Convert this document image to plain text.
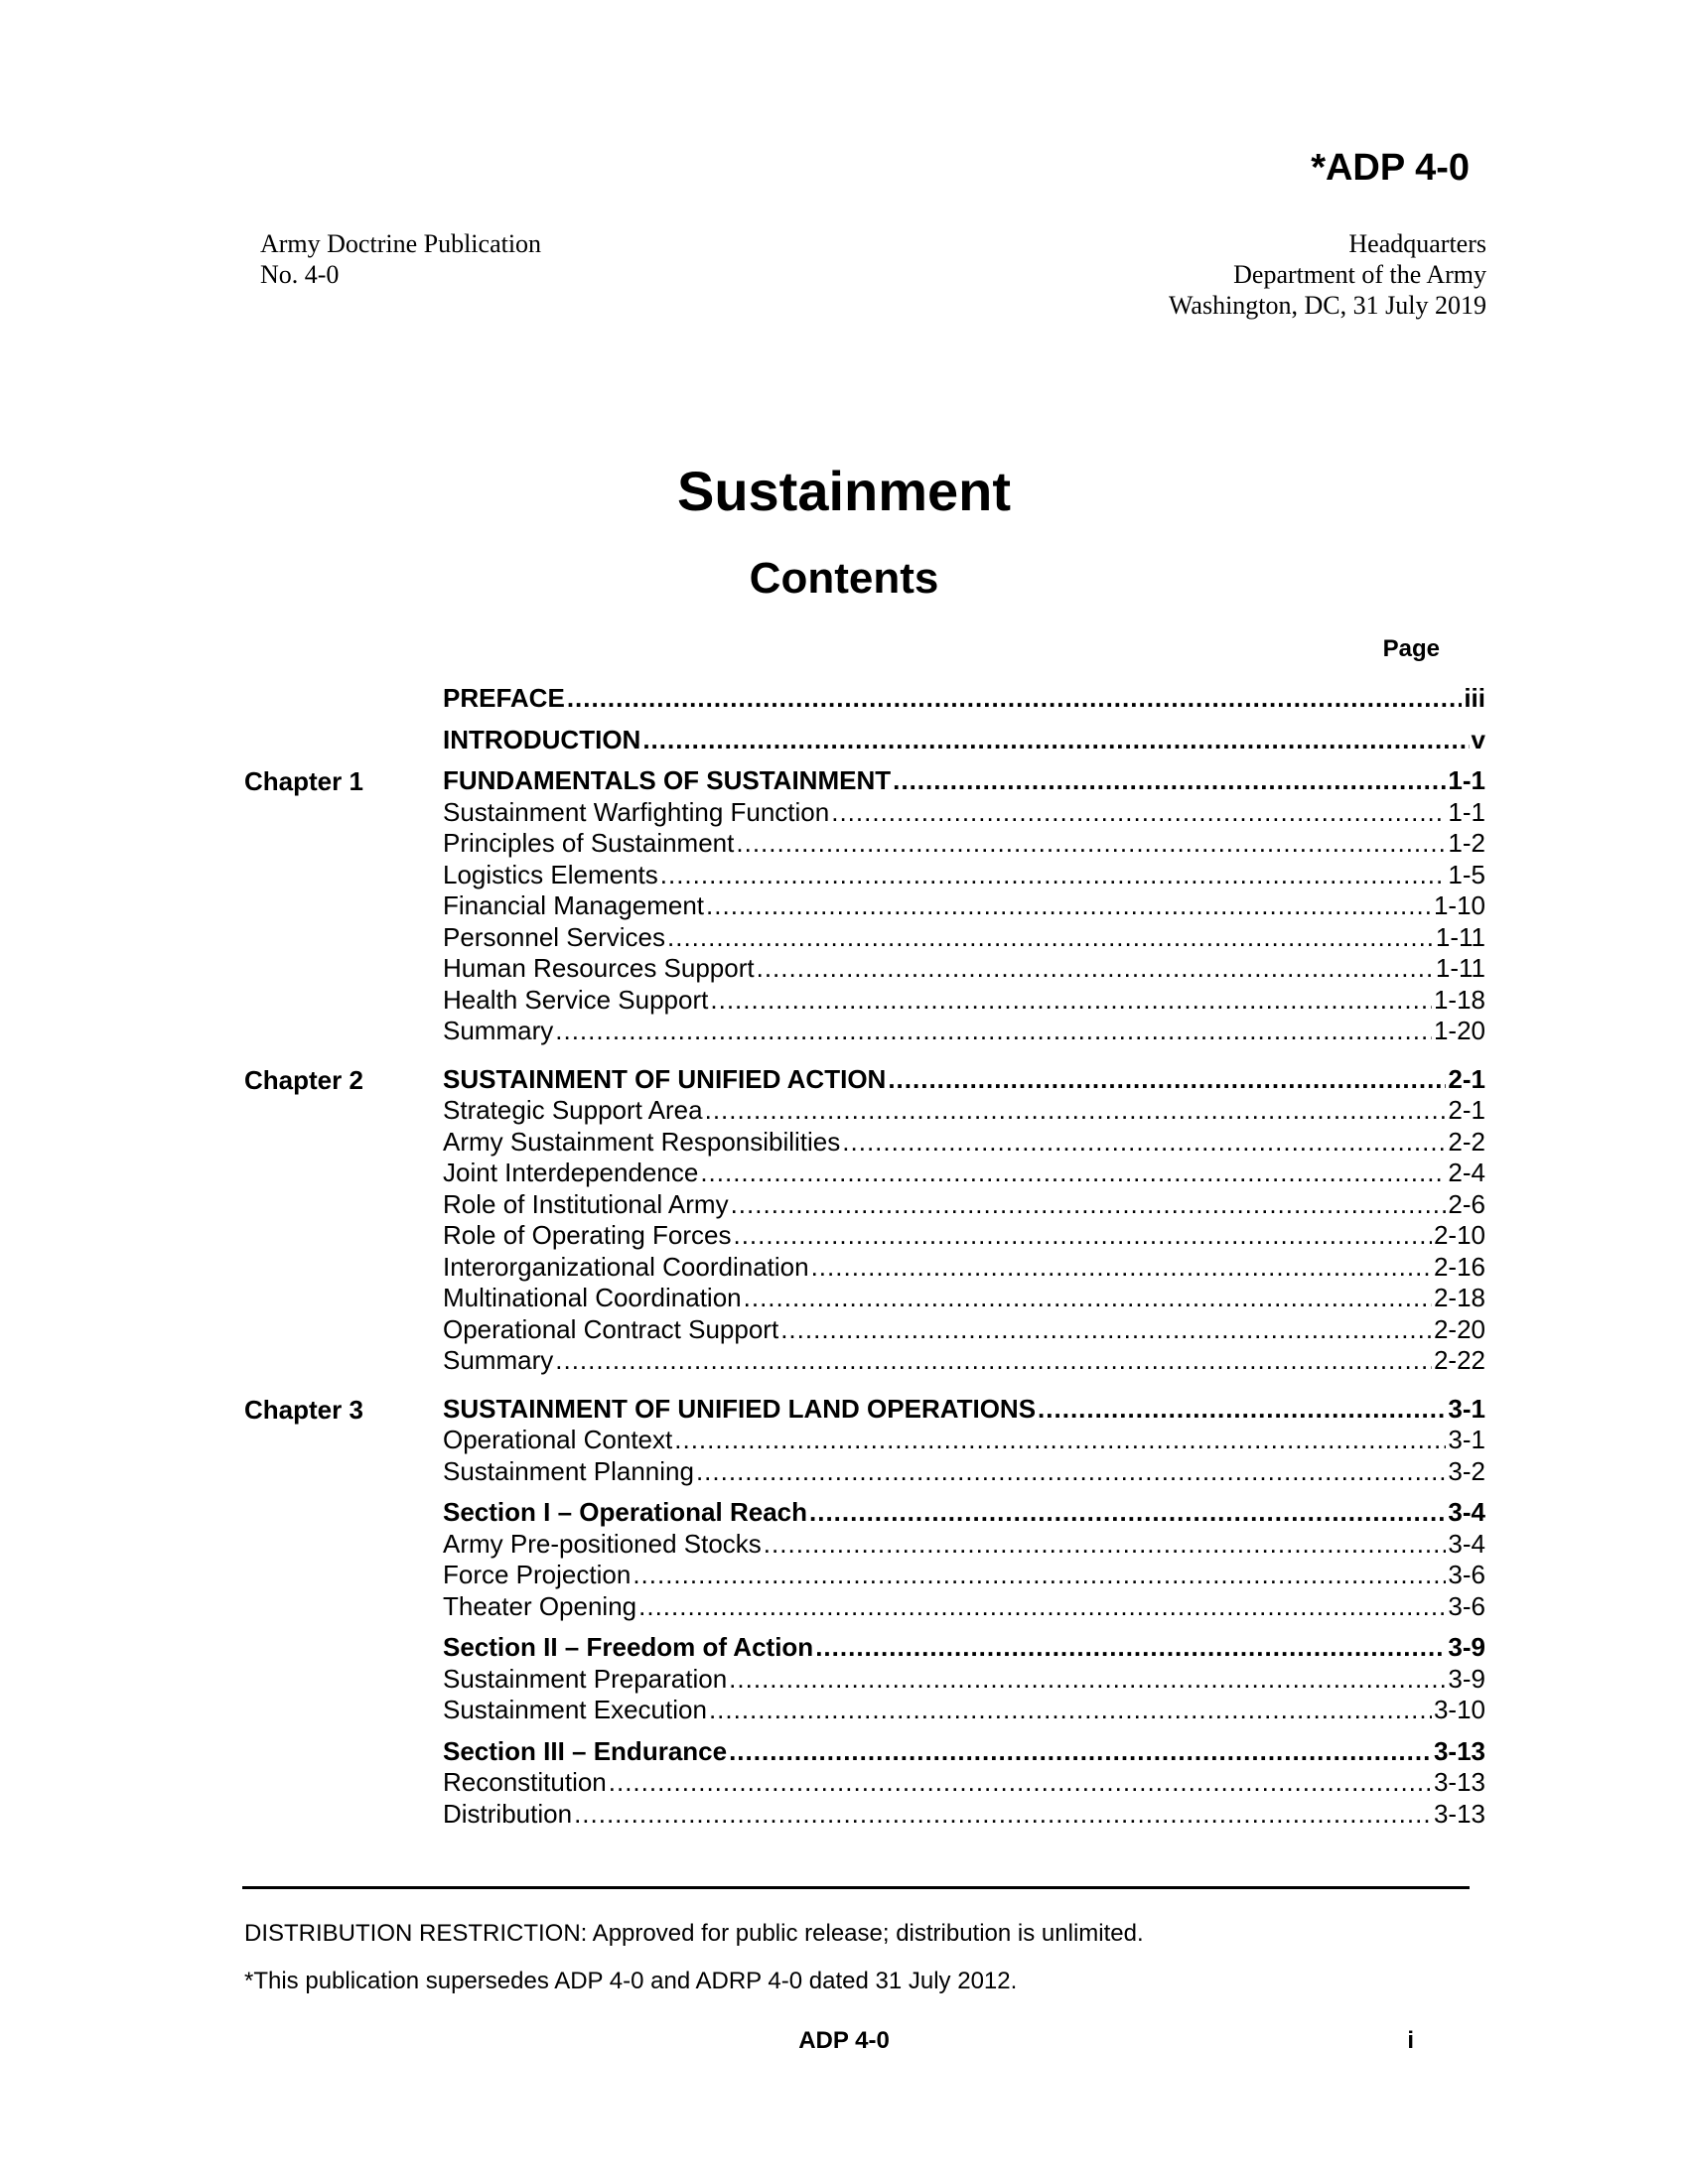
*ADP 4-0
Army Doctrine Publication
No. 4-0
Headquarters
Department of the Army
Washington, DC, 31 July 2019
Sustainment
Contents
Page
PREFACE .....	iii
INTRODUCTION .....	v
Chapter 1	FUNDAMENTALS OF SUSTAINMENT .....	1-1
Sustainment Warfighting Function .....	1-1
Principles of Sustainment .....	1-2
Logistics Elements .....	1-5
Financial Management .....	1-10
Personnel Services .....	1-11
Human Resources Support .....	1-11
Health Service Support .....	1-18
Summary .....	1-20
Chapter 2	SUSTAINMENT OF UNIFIED ACTION .....	2-1
Strategic Support Area .....	2-1
Army Sustainment Responsibilities .....	2-2
Joint Interdependence .....	2-4
Role of Institutional Army .....	2-6
Role of Operating Forces .....	2-10
Interorganizational Coordination .....	2-16
Multinational Coordination .....	2-18
Operational Contract Support .....	2-20
Summary .....	2-22
Chapter 3	SUSTAINMENT OF UNIFIED LAND OPERATIONS .....	3-1
Operational Context .....	3-1
Sustainment Planning .....	3-2
Section I – Operational Reach .....	3-4
Army Pre-positioned Stocks .....	3-4
Force Projection .....	3-6
Theater Opening .....	3-6
Section II – Freedom of Action .....	3-9
Sustainment Preparation .....	3-9
Sustainment Execution .....	3-10
Section III – Endurance .....	3-13
Reconstitution .....	3-13
Distribution .....	3-13
DISTRIBUTION RESTRICTION: Approved for public release; distribution is unlimited.
*This publication supersedes ADP 4-0 and ADRP 4-0 dated 31 July 2012.
ADP 4-0	i
